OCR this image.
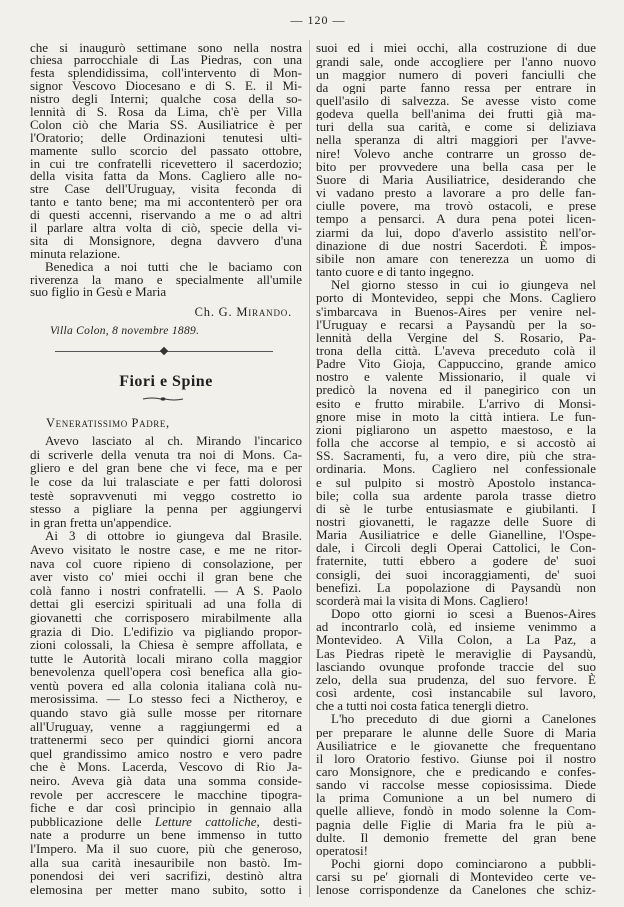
— 120 —
che si inaugurò settimane sono nella nostra
chiesa parrocchiale di Las Piedras, con una
festa splendidissima, coll'intervento di Mon-
signor Vescovo Diocesano e di S. E. il Mi-
nistro degli Interni; qualche cosa della so-
lennità di S. Rosa da Lima, ch'è per Villa
Colon ciò che Maria SS. Ausiliatrice è per
l'Oratorio; delle Ordinazioni tenutesi ulti-
mamente sullo scorcio del passato ottobre,
in cui tre confratelli ricevettero il sacerdozio;
della visita fatta da Mons. Cagliero alle no-
stre Case dell'Uruguay, visita feconda di
tanto e tanto bene; ma mi accontenterò per ora
di questi accenni, riservando a me o ad altri
il parlare altra volta di ciò, specie della vi-
sita di Monsignore, degna davvero d'una
minuta relazione.
Benedica a noi tutti che le baciamo con
riverenza la mano e specialmente all'umile
suo figlio in Gesù e Maria
Ch. G. Mirando.
Villa Colon, 8 novembre 1889.
Fiori e Spine
Veneratissimo Padre,
Avevo lasciato al ch. Mirando l'incarico
di scriverle della venuta tra noi di Mons. Ca-
gliero e del gran bene che vi fece, ma e per
le cose da lui tralasciate e per fatti dolorosi
testè sopravvenuti mi veggo costretto io
stesso a pigliare la penna per aggiungervi
in gran fretta un'appendice.
Ai 3 di ottobre io giungeva dal Brasile.
Avevo visitato le nostre case, e me ne ritor-
nava col cuore ripieno di consolazione, per
aver visto co' miei occhi il gran bene che
colà fanno i nostri confratelli. — A S. Paolo
dettai gli esercizi spirituali ad una folla di
giovanetti che corrisposero mirabilmente alla
grazia di Dio. L'edifizio va pigliando propor-
zioni colossali, la Chiesa è sempre affollata, e
tutte le Autorità locali mirano colla maggior
benevolenza quell'opera così benefica alla gio-
ventù povera ed alla colonia italiana colà nu-
merosissima. — Lo stesso feci a Nictheroy, e
quando stavo già sulle mosse per ritornare
all'Uruguay, venne a raggiungermi ed a
trattenermi seco per quindici giorni ancora
quel grandissimo amico nostro e vero padre
che è Mons. Lacerda, Vescovo di Rio Ja-
neiro. Aveva già data una somma conside-
revole per accrescere le macchine tipogra-
fiche e dar così principio in gennaio alla
pubblicazione delle Letture cattoliche, desti-
nate a produrre un bene immenso in tutto
l'Impero. Ma il suo cuore, più che generoso,
alla sua carità inesauribile non bastò. Im-
ponendosi dei veri sacrifizi, destinò altra
elemosina per metter mano subito, sotto i
suoi ed i miei occhi, alla costruzione di due
grandi sale, onde accogliere per l'anno nuovo
un maggior numero di poveri fanciulli che
da ogni parte fanno ressa per entrare in
quell'asilo di salvezza. Se avesse visto come
godeva quella bell'anima dei frutti già ma-
turi della sua carità, e come si deliziava
nella speranza di altri maggiori per l'avve-
nire! Volevo anche contrarre un grosso de-
bito per provvedere una bella casa per le
Suore di Maria Ausiliatrice, desiderando che
vi vadano presto a lavorare a pro delle fan-
ciulle povere, ma trovò ostacoli, e prese
tempo a pensarci. A dura pena potei licen-
ziarmi da lui, dopo d'averlo assistito nell'or-
dinazione di due nostri Sacerdoti. È impos-
sibile non amare con tenerezza un uomo di
tanto cuore e di tanto ingegno.
Nel giorno stesso in cui io giungeva nel
porto di Montevideo, seppi che Mons. Cagliero
s'imbarcava in Buenos-Aires per venire nel-
l'Uruguay e recarsi a Paysandù per la so-
lennità della Vergine del S. Rosario, Pa-
trona della città. L'aveva preceduto colà il
Padre Vito Gioja, Cappuccino, grande amico
nostro e valente Missionario, il quale vi
predicò la novena ed il panegirico con un
esito e frutto mirabile. L'arrivo di Monsi-
gnore mise in moto la città intiera. Le fun-
zioni pigliarono un aspetto maestoso, e la
folla che accorse al tempio, e si accostò ai
SS. Sacramenti, fu, a vero dire, più che stra-
ordinaria. Mons. Cagliero nel confessionale
e sul pulpito si mostrò Apostolo instanca-
bile; colla sua ardente parola trasse dietro
di sè le turbe entusiasmate e giubilanti. I
nostri giovanetti, le ragazze delle Suore di
Maria Ausiliatrice e delle Gianelline, l'Ospe-
dale, i Circoli degli Operai Cattolici, le Con-
fraternite, tutti ebbero a godere de' suoi
consigli, dei suoi incoraggiamenti, de' suoi
benefizi. La popolazione di Paysandù non
scorderà mai la visita di Mons. Cagliero!
Dopo otto giorni io scesi a Buenos-Aires
ad incontrarlo colà, ed insieme venimmo a
Montevideo. A Villa Colon, a La Paz, a
Las Piedras ripetè le meraviglie di Paysandù,
lasciando ovunque profonde traccie del suo
zelo, della sua prudenza, del suo fervore. È
così ardente, così instancabile sul lavoro,
che a tutti noi costa fatica tenergli dietro.
L'ho preceduto di due giorni a Canelones
per preparare le alunne delle Suore di Maria
Ausiliatrice e le giovanette che frequentano
il loro Oratorio festivo. Giunse poi il nostro
caro Monsignore, che e predicando e confes-
sando vi raccolse messe copiosissima. Diede
la prima Comunione a un bel numero di
quelle allieve, fondò in modo solenne la Com-
pagnia delle Figlie di Maria fra le più a-
dulte. Il demonio fremette del gran bene
operatosi!
Pochi giorni dopo cominciarono a pubbli-
carsi su pe' giornali di Montevideo certe ve-
lenose corrispondenze da Canelones che schiz-
